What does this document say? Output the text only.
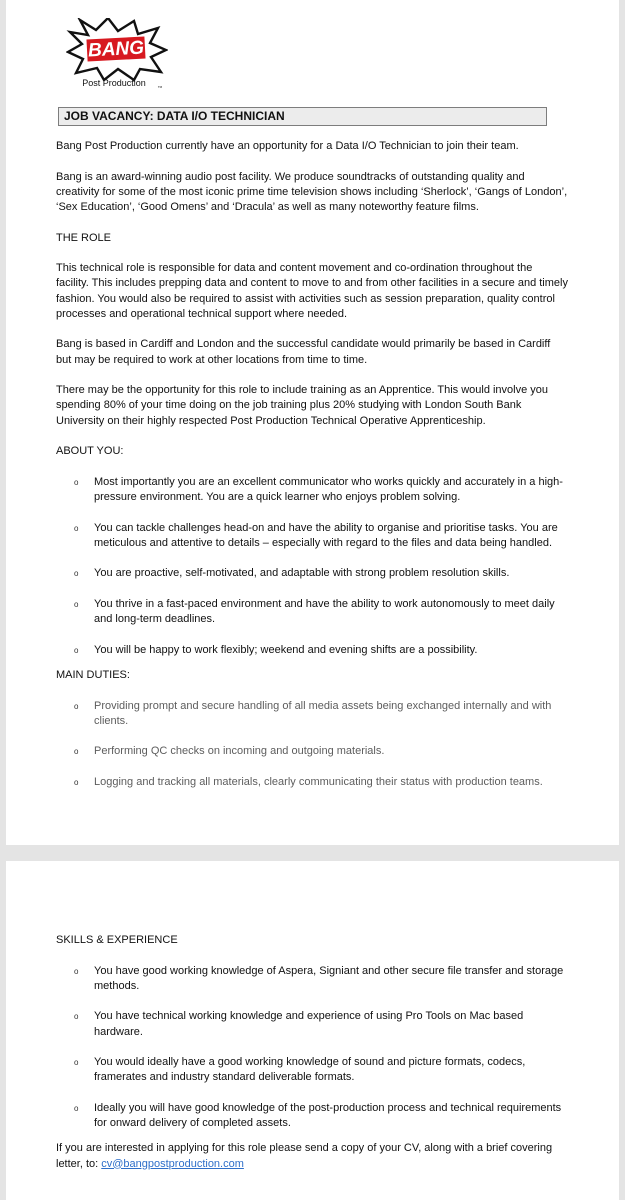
BANG
Post Production	TM
JOB VACANCY: DATA I/O TECHNICIAN

Bang Post Production currently have an opportunity for a Data I/O Technician to join their team.

Bang is an award-winning audio post facility. We produce soundtracks of outstanding quality and creativity for some of the most iconic prime time television shows including ‘Sherlock’, ‘Gangs of London’, ‘Sex Education’, ‘Good Omens’ and ‘Dracula’ as well as many noteworthy feature films.

THE ROLE

This technical role is responsible for data and content movement and co-ordination throughout the facility. This includes prepping data and content to move to and from other facilities in a secure and timely fashion. You would also be required to assist with activities such as session preparation, quality control processes and operational technical support where needed.

Bang is based in Cardiff and London and the successful candidate would primarily be based in Cardiff but may be required to work at other locations from time to time.

There may be the opportunity for this role to include training as an Apprentice. This would involve you spending 80% of your time doing on the job training plus 20% studying with London South Bank University on their highly respected Post Production Technical Operative Apprenticeship.

ABOUT YOU:

o Most importantly you are an excellent communicator who works quickly and accurately in a high-pressure environment. You are a quick learner who enjoys problem solving.
o You can tackle challenges head-on and have the ability to organise and prioritise tasks. You are meticulous and attentive to details – especially with regard to the files and data being handled.
o You are proactive, self-motivated, and adaptable with strong problem resolution skills.
o You thrive in a fast-paced environment and have the ability to work autonomously to meet daily and long-term deadlines.
o You will be happy to work flexibly; weekend and evening shifts are a possibility.

MAIN DUTIES:

o Providing prompt and secure handling of all media assets being exchanged internally and with clients.
o Performing QC checks on incoming and outgoing materials.
o Logging and tracking all materials, clearly communicating their status with production teams.

SKILLS & EXPERIENCE

o You have good working knowledge of Aspera, Signiant and other secure file transfer and storage methods.
o You have technical working knowledge and experience of using Pro Tools on Mac based hardware.
o You would ideally have a good working knowledge of sound and picture formats, codecs, framerates and industry standard deliverable formats.
o Ideally you will have good knowledge of the post-production process and technical requirements for onward delivery of completed assets.

If you are interested in applying for this role please send a copy of your CV, along with a brief covering letter, to: cv@bangpostproduction.com
